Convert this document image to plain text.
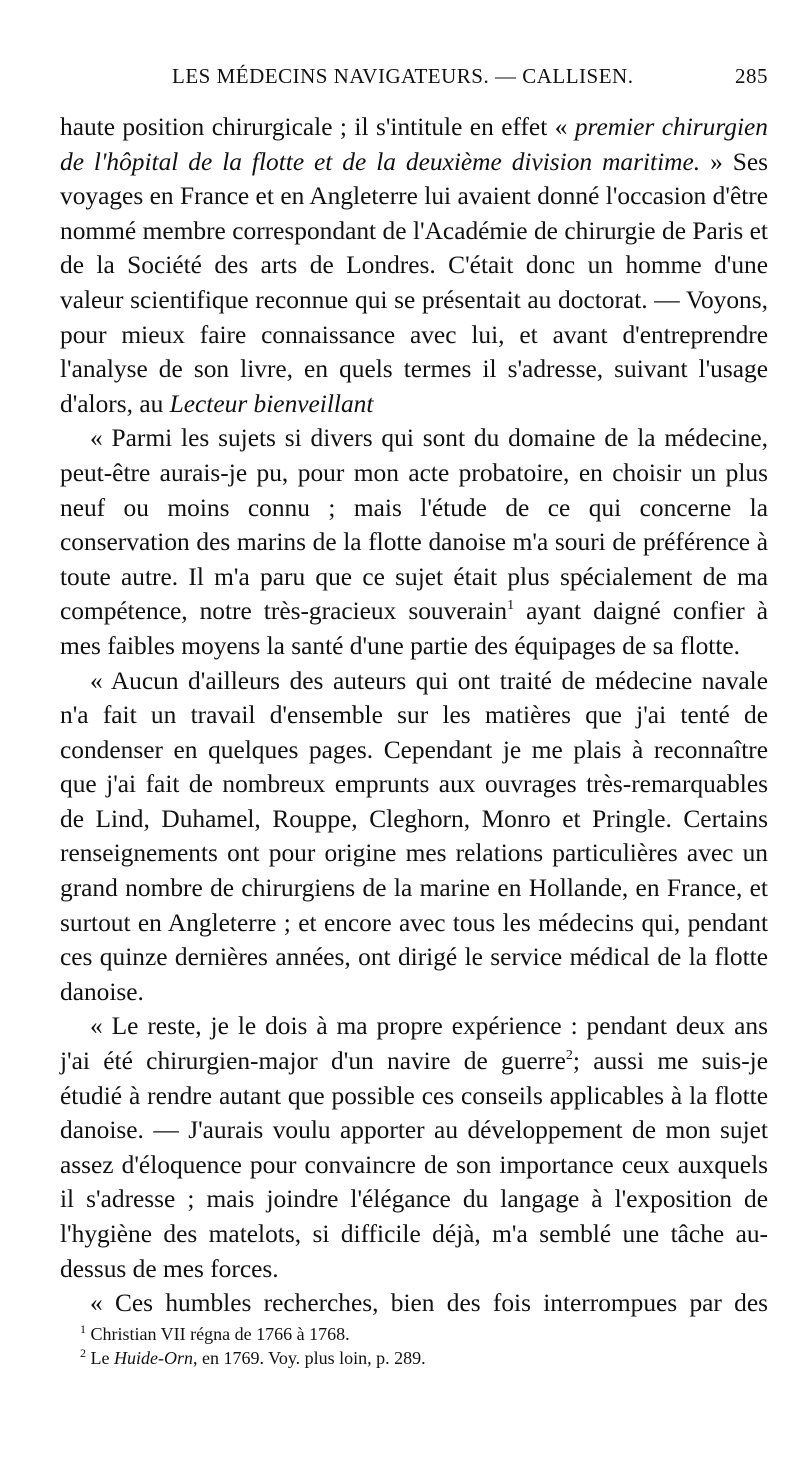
LES MÉDECINS NAVIGATEURS. — CALLISEN.	285

haute position chirurgicale ; il s'intitule en effet « premier chirurgien de l'hôpital de la flotte et de la deuxième division maritime. » Ses voyages en France et en Angleterre lui avaient donné l'occasion d'être nommé membre correspondant de l'Académie de chirurgie de Paris et de la Société des arts de Londres. C'était donc un homme d'une valeur scientifique reconnue qui se présentait au doctorat. — Voyons, pour mieux faire connaissance avec lui, et avant d'entreprendre l'analyse de son livre, en quels termes il s'adresse, suivant l'usage d'alors, au Lecteur bienveillant

« Parmi les sujets si divers qui sont du domaine de la médecine, peut-être aurais-je pu, pour mon acte probatoire, en choisir un plus neuf ou moins connu ; mais l'étude de ce qui concerne la conservation des marins de la flotte danoise m'a souri de préférence à toute autre. Il m'a paru que ce sujet était plus spécialement de ma compétence, notre très-gracieux souverain$^1$ ayant daigné confier à mes faibles moyens la santé d'une partie des équipages de sa flotte.

« Aucun d'ailleurs des auteurs qui ont traité de médecine navale n'a fait un travail d'ensemble sur les matières que j'ai tenté de condenser en quelques pages. Cependant je me plais à reconnaître que j'ai fait de nombreux emprunts aux ouvrages très-remarquables de Lind, Duhamel, Rouppe, Cleghorn, Monro et Pringle. Certains renseignements ont pour origine mes relations particulières avec un grand nombre de chirurgiens de la marine en Hollande, en France, et surtout en Angleterre ; et encore avec tous les médecins qui, pendant ces quinze dernières années, ont dirigé le service médical de la flotte danoise.

« Le reste, je le dois à ma propre expérience : pendant deux ans j'ai été chirurgien-major d'un navire de guerre$^2$; aussi me suis-je étudié à rendre autant que possible ces conseils applicables à la flotte danoise. — J'aurais voulu apporter au développement de mon sujet assez d'éloquence pour convaincre de son importance ceux auxquels il s'adresse ; mais joindre l'élégance du langage à l'exposition de l'hygiène des matelots, si difficile déjà, m'a semblé une tâche au-dessus de mes forces.

« Ces humbles recherches, bien des fois interrompues par des

$^1$ Christian VII régna de 1766 à 1768.

$^2$ Le Huide-Orn, en 1769. Voy. plus loin, p. 289.
